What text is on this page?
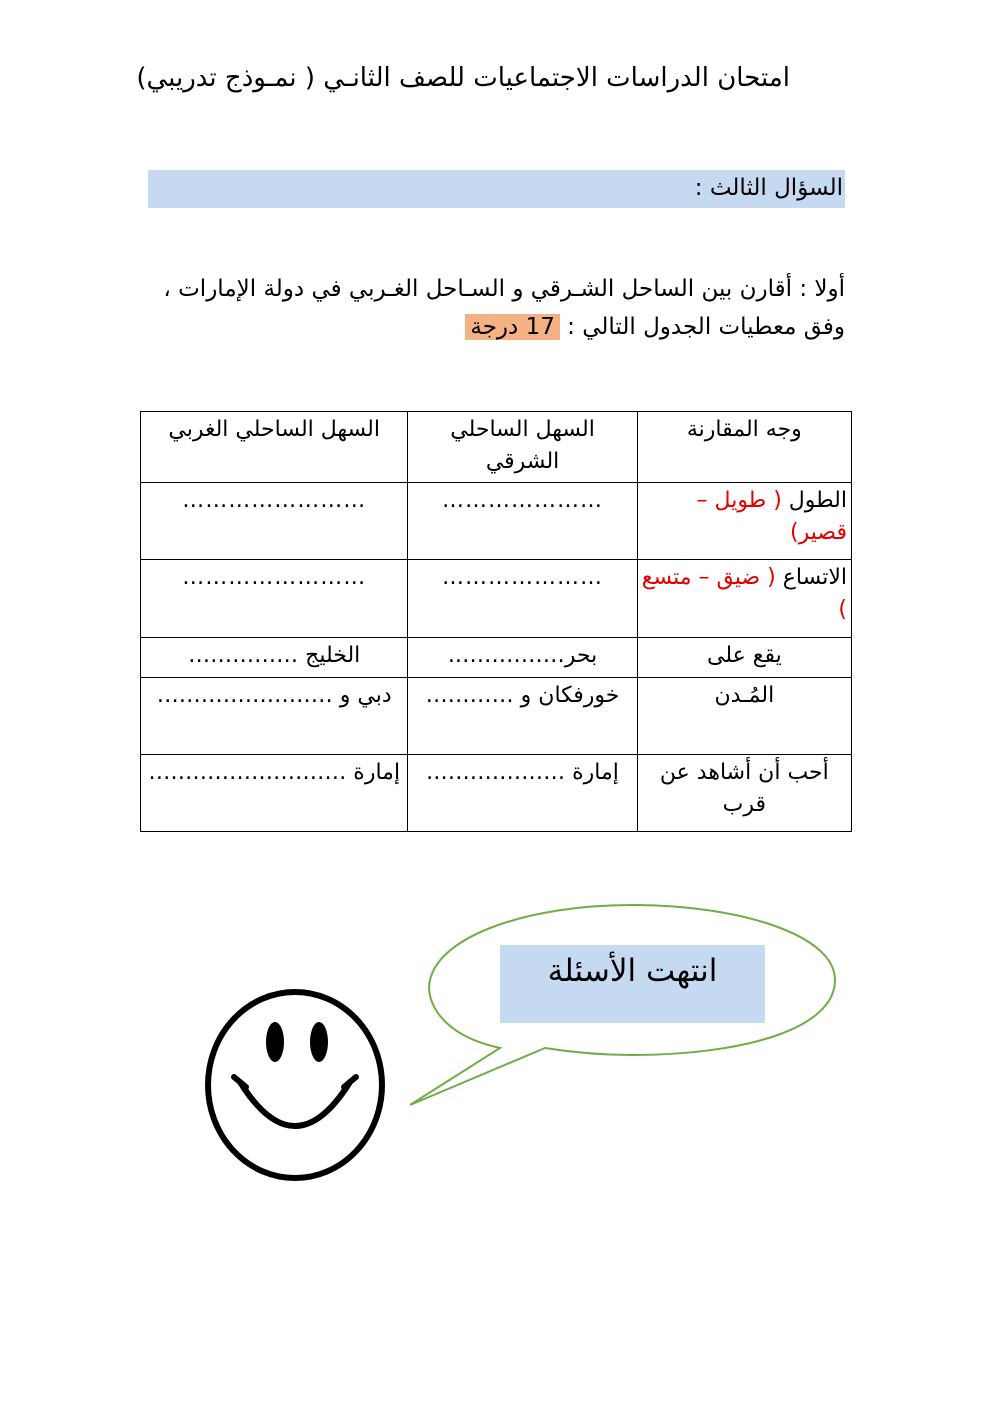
امتحان الدراسات الاجتماعيات للصف الثانـي ( نمـوذج تدريبي)
السؤال الثالث :
أولا : أقارن بين الساحل الشـرقي و السـاحل الغـربي في دولة الإمارات ،
وفق معطيات الجدول التالي : 17 درجة
وجه المقارنة	السهل الساحلي الشرقي	السهل الساحلي الغربي
الطول ( طويل – قصير)	…………………	……………………
الاتساع ( ضيق – متسع )	…………………	……………………
يقع على	بحر…………….	الخليج ……………
المُـدن	خورفكان و …………	دبي و ……………………
أحب أن أشاهد عن قرب	إمارة ……………….	إمارة ………………………
انتهت الأسئلة
